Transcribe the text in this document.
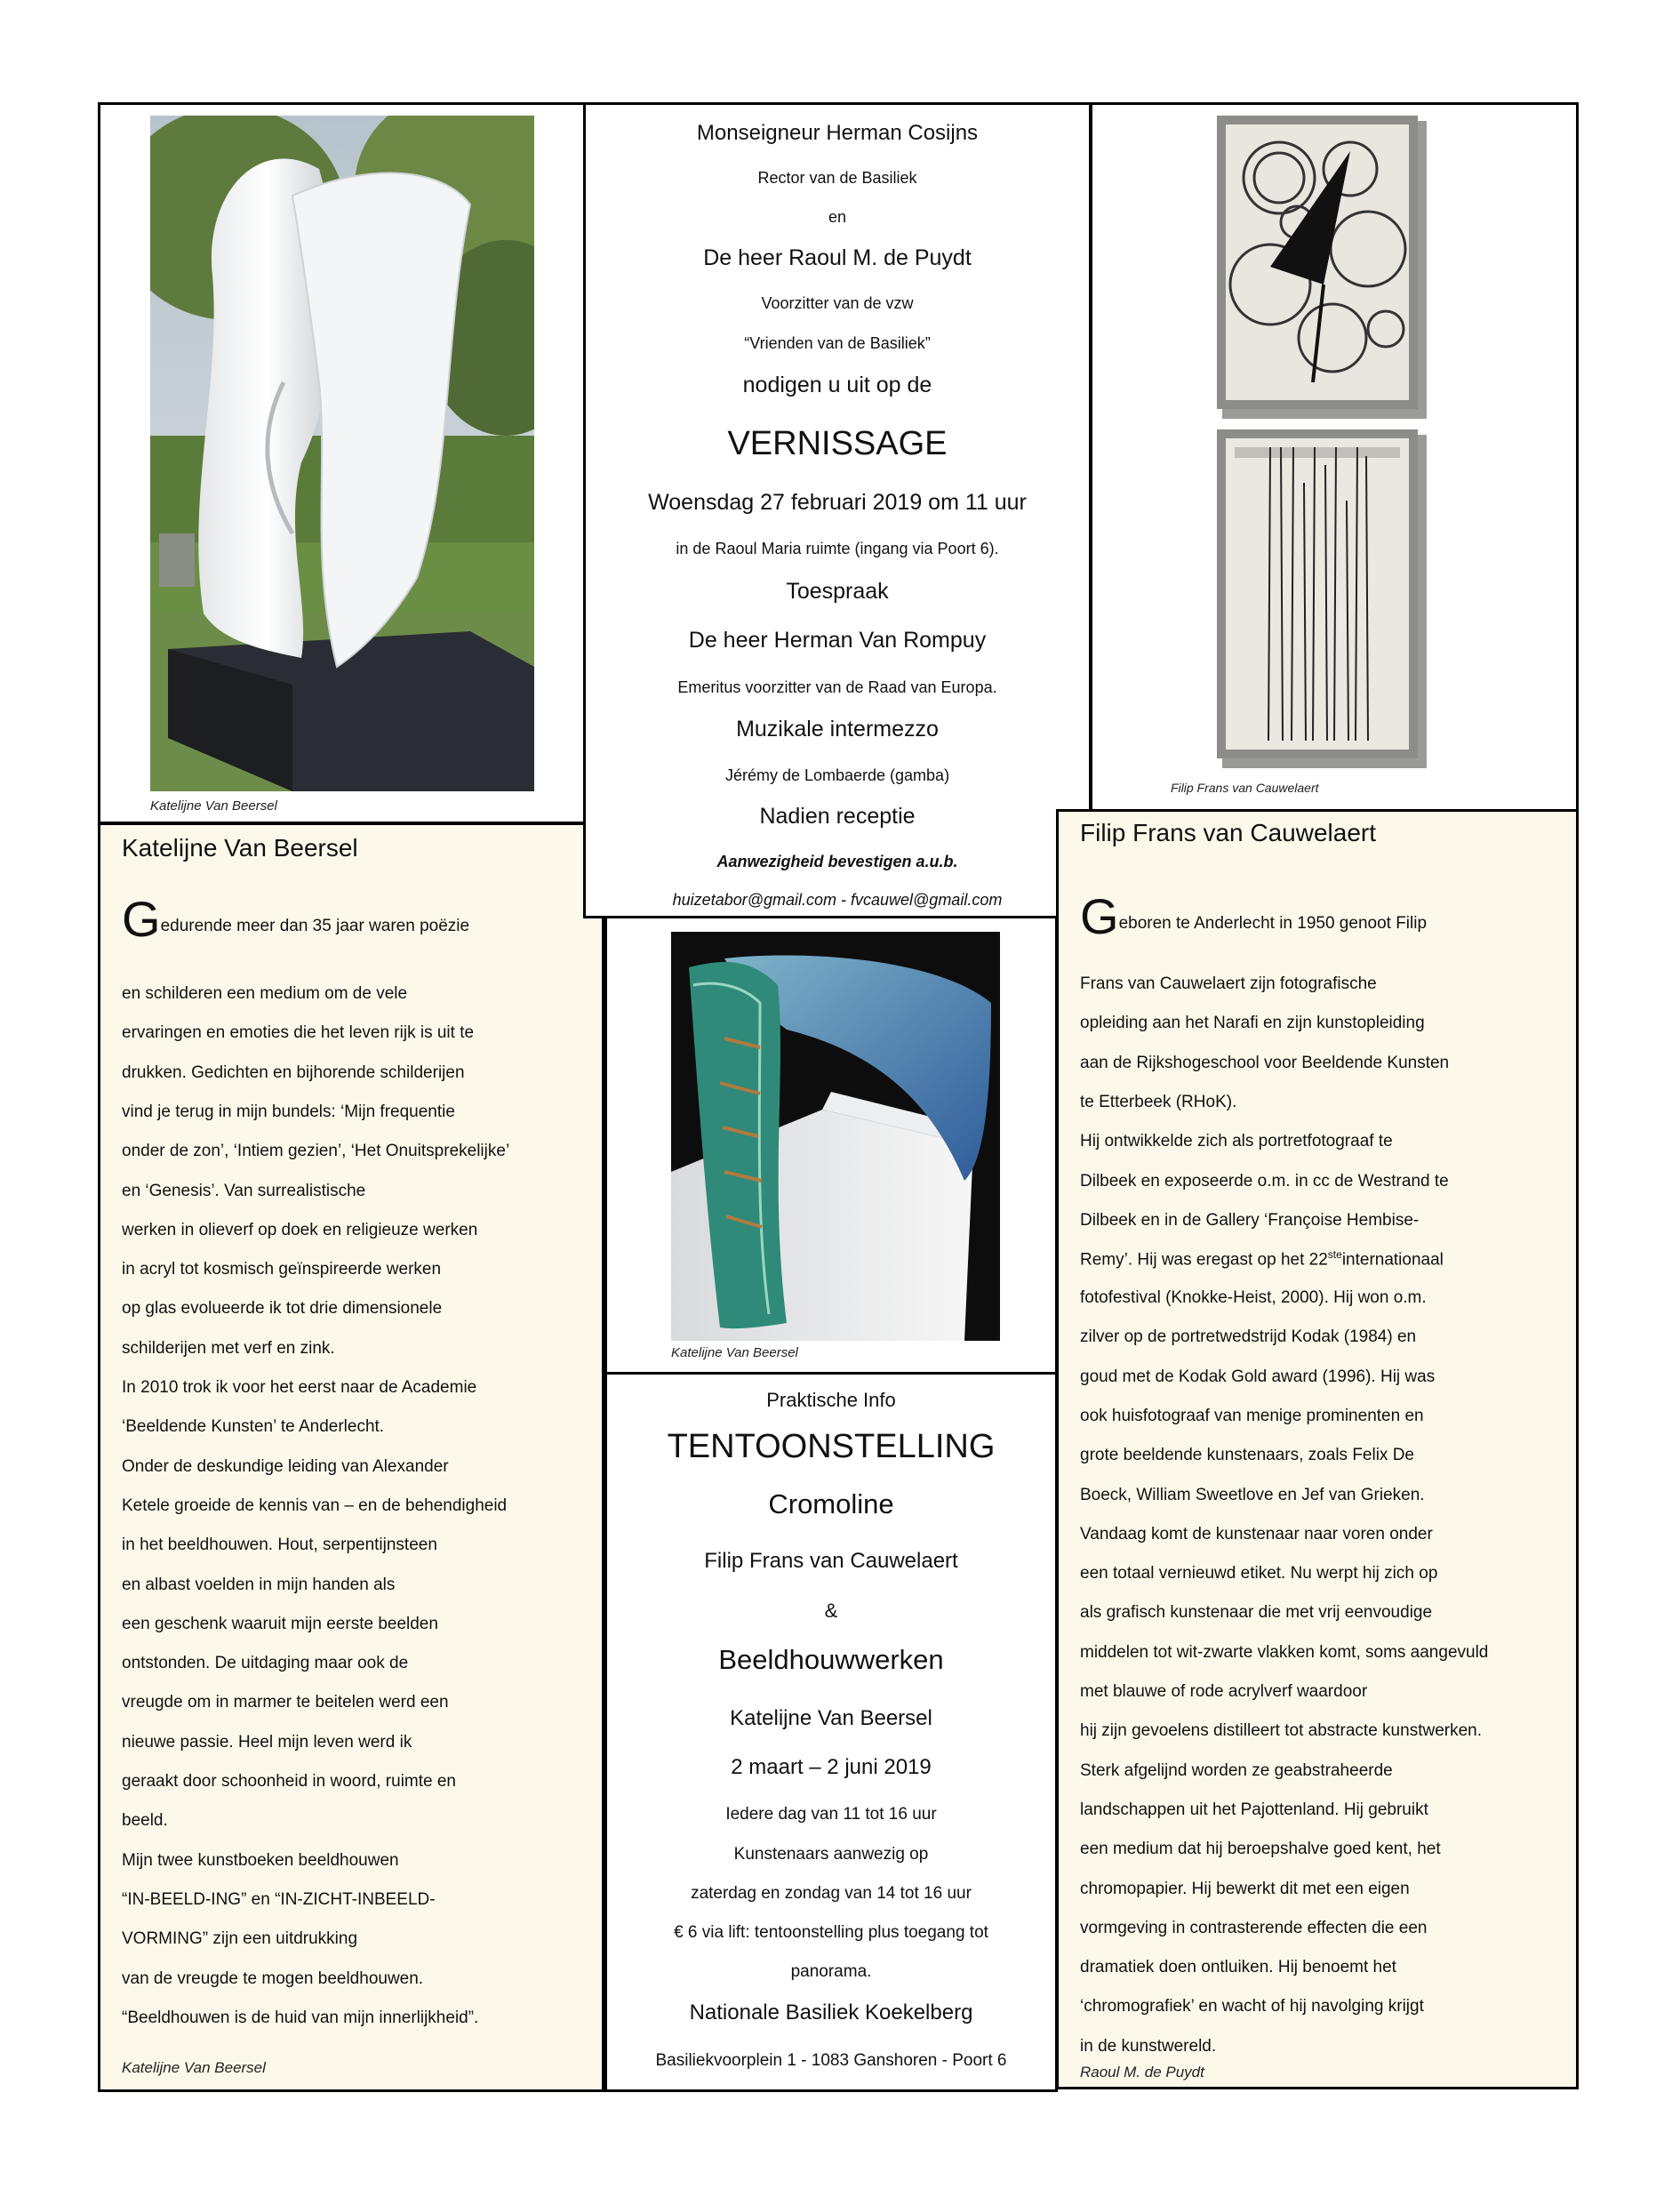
Katelijne Van Beersel
Katelijne Van Beersel
Gedurende meer dan 35 jaar waren poëzie
en schilderen een medium om de vele
ervaringen en emoties die het leven rijk is uit te
drukken. Gedichten en bijhorende schilderijen
vind je terug in mijn bundels: ‘Mijn frequentie
onder de zon’, ‘Intiem gezien’, ‘Het Onuitsprekelijke’
en ‘Genesis’. Van surrealistische
werken in olieverf op doek en religieuze werken
in acryl tot kosmisch geïnspireerde werken
op glas evolueerde ik tot drie dimensionele
schilderijen met verf en zink.
In 2010 trok ik voor het eerst naar de Academie
‘Beeldende Kunsten’ te Anderlecht.
Onder de deskundige leiding van Alexander
Ketele groeide de kennis van – en de behendigheid
in het beeldhouwen. Hout, serpentijnsteen
en albast voelden in mijn handen als
een geschenk waaruit mijn eerste beelden
ontstonden. De uitdaging maar ook de
vreugde om in marmer te beitelen werd een
nieuwe passie. Heel mijn leven werd ik
geraakt door schoonheid in woord, ruimte en
beeld.
Mijn twee kunstboeken beeldhouwen
“IN-BEELD-ING” en “IN-ZICHT-INBEELD-
VORMING” zijn een uitdrukking
van de vreugde te mogen beeldhouwen.
“Beeldhouwen is de huid van mijn innerlijkheid”.
Katelijne Van Beersel
Monseigneur Herman Cosijns
Rector van de Basiliek
en
De heer Raoul M. de Puydt
Voorzitter van de vzw
“Vrienden van de Basiliek”
nodigen u uit op de
VERNISSAGE
Woensdag 27 februari 2019 om 11 uur
in de Raoul Maria ruimte (ingang via Poort 6).
Toespraak
De heer Herman Van Rompuy
Emeritus voorzitter van de Raad van Europa.
Muzikale intermezzo
Jérémy de Lombaerde (gamba)
Nadien receptie
Aanwezigheid bevestigen a.u.b.
huizetabor@gmail.com - fvcauwel@gmail.com
Katelijne Van Beersel
Praktische Info
TENTOONSTELLING
Cromoline
Filip Frans van Cauwelaert
&
Beeldhouwwerken
Katelijne Van Beersel
2 maart – 2 juni 2019
Iedere dag van 11 tot 16 uur
Kunstenaars aanwezig op
zaterdag en zondag van 14 tot 16 uur
€ 6 via lift: tentoonstelling plus toegang tot
panorama.
Nationale Basiliek Koekelberg
Basiliekvoorplein 1 - 1083 Ganshoren - Poort 6
Filip Frans van Cauwelaert
Filip Frans van Cauwelaert
Geboren te Anderlecht in 1950 genoot Filip
Frans van Cauwelaert zijn fotografische
opleiding aan het Narafi en zijn kunstopleiding
aan de Rijkshogeschool voor Beeldende Kunsten
te Etterbeek (RHoK).
Hij ontwikkelde zich als portretfotograaf te
Dilbeek en exposeerde o.m. in cc de Westrand te
Dilbeek en in de Gallery ‘Françoise Hembise-
Remy’. Hij was eregast op het 22steinternationaal
fotofestival (Knokke-Heist, 2000). Hij won o.m.
zilver op de portretwedstrijd Kodak (1984) en
goud met de Kodak Gold award (1996). Hij was
ook huisfotograaf van menige prominenten en
grote beeldende kunstenaars, zoals Felix De
Boeck, William Sweetlove en Jef van Grieken.
Vandaag komt de kunstenaar naar voren onder
een totaal vernieuwd etiket. Nu werpt hij zich op
als grafisch kunstenaar die met vrij eenvoudige
middelen tot wit-zwarte vlakken komt, soms aangevuld
met blauwe of rode acrylverf waardoor
hij zijn gevoelens distilleert tot abstracte kunstwerken.
Sterk afgelijnd worden ze geabstraheerde
landschappen uit het Pajottenland. Hij gebruikt
een medium dat hij beroepshalve goed kent, het
chromopapier. Hij bewerkt dit met een eigen
vormgeving in contrasterende effecten die een
dramatiek doen ontluiken. Hij benoemt het
‘chromografiek’ en wacht of hij navolging krijgt
in de kunstwereld.
Raoul M. de Puydt
